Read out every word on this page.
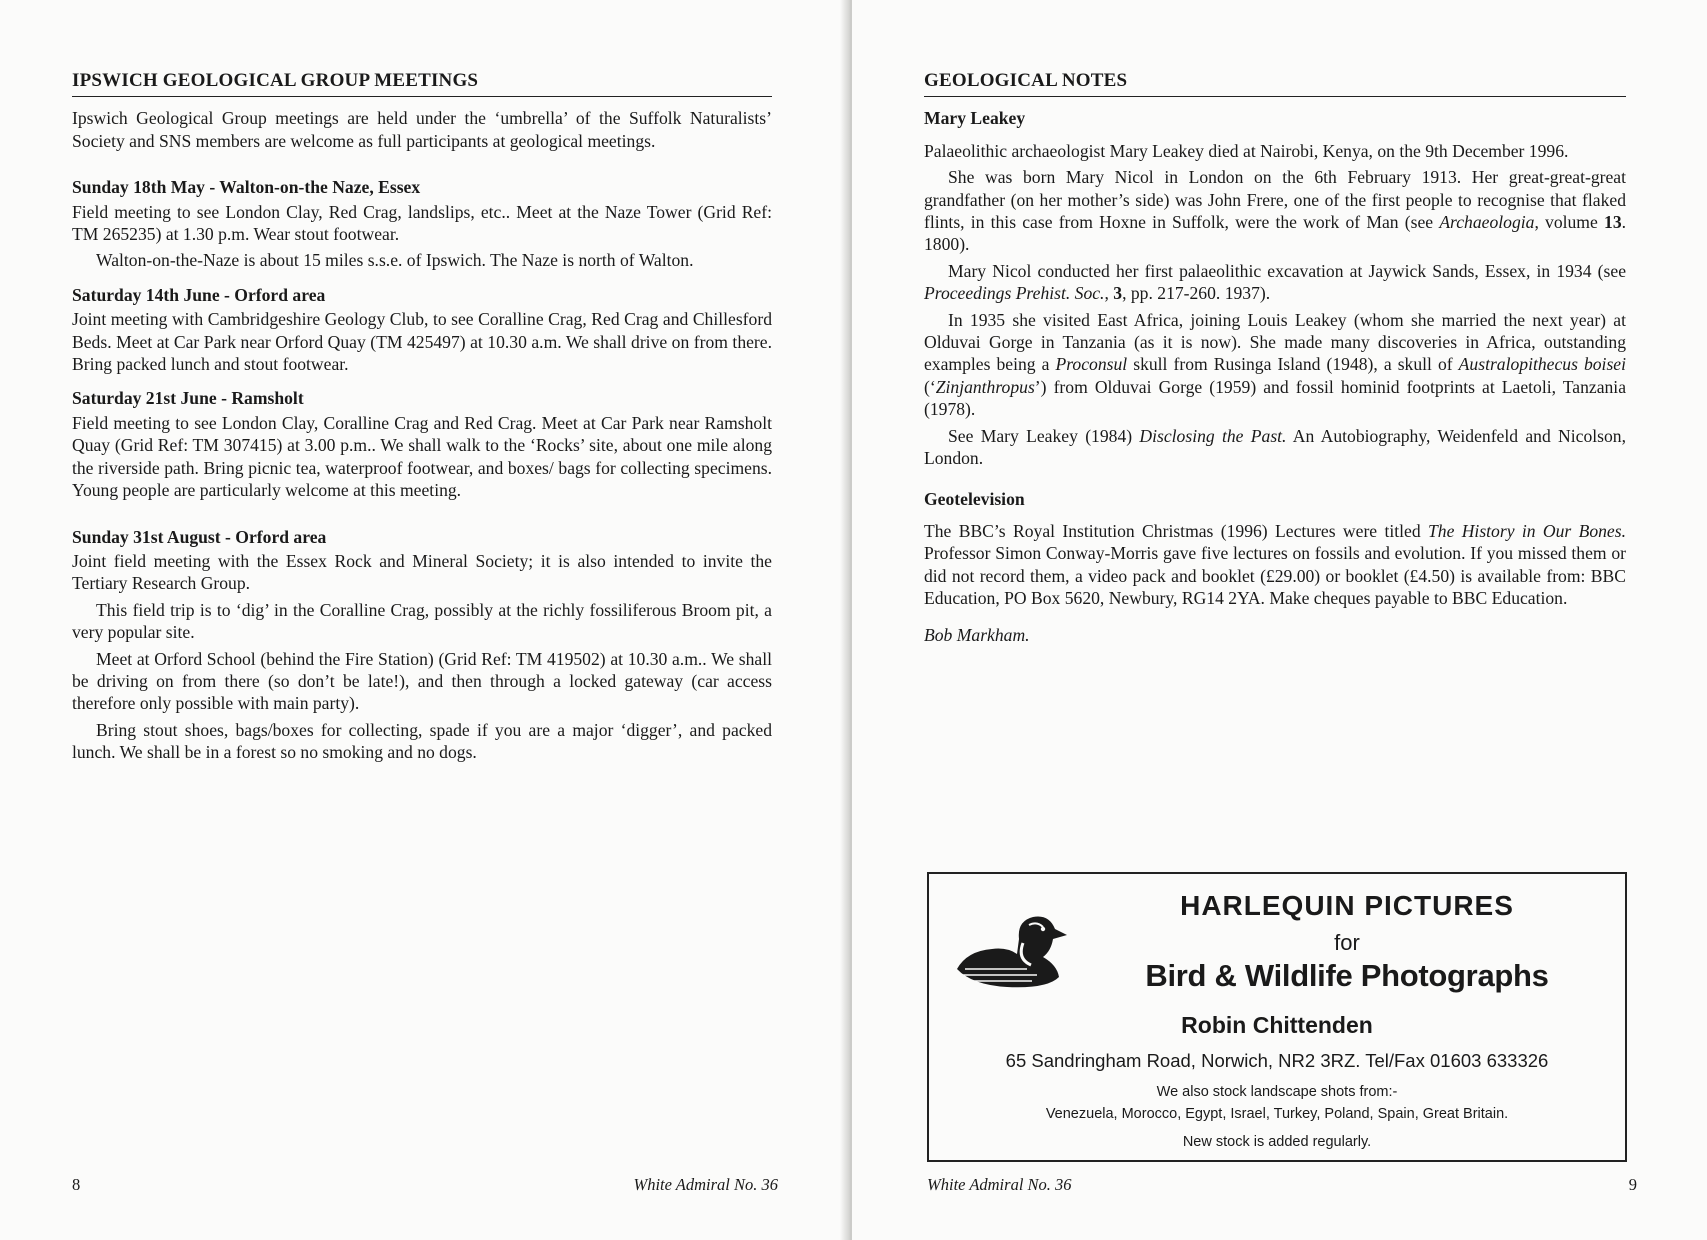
IPSWICH GEOLOGICAL GROUP MEETINGS

Ipswich Geological Group meetings are held under the ‘umbrella’ of the Suffolk Naturalists’ Society and SNS members are welcome as full participants at geological meetings.

Sunday 18th May - Walton-on-the Naze, Essex

Field meeting to see London Clay, Red Crag, landslips, etc.. Meet at the Naze Tower (Grid Ref: TM 265235) at 1.30 p.m. Wear stout footwear.

Walton-on-the-Naze is about 15 miles s.s.e. of Ipswich. The Naze is north of Walton.

Saturday 14th June - Orford area

Joint meeting with Cambridgeshire Geology Club, to see Coralline Crag, Red Crag and Chillesford Beds. Meet at Car Park near Orford Quay (TM 425497) at 10.30 a.m. We shall drive on from there. Bring packed lunch and stout footwear.

Saturday 21st June - Ramsholt

Field meeting to see London Clay, Coralline Crag and Red Crag. Meet at Car Park near Ramsholt Quay (Grid Ref: TM 307415) at 3.00 p.m.. We shall walk to the ‘Rocks’ site, about one mile along the riverside path. Bring picnic tea, waterproof footwear, and boxes/ bags for collecting specimens. Young people are particularly welcome at this meeting.

Sunday 31st August - Orford area

Joint field meeting with the Essex Rock and Mineral Society; it is also intended to invite the Tertiary Research Group.

This field trip is to ‘dig’ in the Coralline Crag, possibly at the richly fossiliferous Broom pit, a very popular site.

Meet at Orford School (behind the Fire Station) (Grid Ref: TM 419502) at 10.30 a.m.. We shall be driving on from there (so don’t be late!), and then through a locked gateway (car access therefore only possible with main party).

Bring stout shoes, bags/boxes for collecting, spade if you are a major ‘digger’, and packed lunch. We shall be in a forest so no smoking and no dogs.

8	White Admiral No. 36
GEOLOGICAL NOTES
Mary Leakey

Palaeolithic archaeologist Mary Leakey died at Nairobi, Kenya, on the 9th December 1996.

She was born Mary Nicol in London on the 6th February 1913. Her great-great-great grandfather (on her mother’s side) was John Frere, one of the first people to recognise that flaked flints, in this case from Hoxne in Suffolk, were the work of Man (see Archaeologia, volume 13. 1800).

Mary Nicol conducted her first palaeolithic excavation at Jaywick Sands, Essex, in 1934 (see Proceedings Prehist. Soc., 3, pp. 217-260. 1937).

In 1935 she visited East Africa, joining Louis Leakey (whom she married the next year) at Olduvai Gorge in Tanzania (as it is now). She made many discoveries in Africa, outstanding examples being a Proconsul skull from Rusinga Island (1948), a skull of Australopithecus boisei (‘Zinjanthropus’) from Olduvai Gorge (1959) and fossil hominid footprints at Laetoli, Tanzania (1978).

See Mary Leakey (1984) Disclosing the Past. An Autobiography, Weidenfeld and Nicolson, London.

Geotelevision

The BBC’s Royal Institution Christmas (1996) Lectures were titled The History in Our Bones. Professor Simon Conway-Morris gave five lectures on fossils and evolution. If you missed them or did not record them, a video pack and booklet (£29.00) or booklet (£4.50) is available from: BBC Education, PO Box 5620, Newbury, RG14 2YA. Make cheques payable to BBC Education.

Bob Markham.
HARLEQUIN PICTURES
for
Bird & Wildlife Photographs
Robin Chittenden
65 Sandringham Road, Norwich, NR2 3RZ. Tel/Fax 01603 633326
We also stock landscape shots from:-
Venezuela, Morocco, Egypt, Israel, Turkey, Poland, Spain, Great Britain.
New stock is added regularly.
White Admiral No. 36	9
